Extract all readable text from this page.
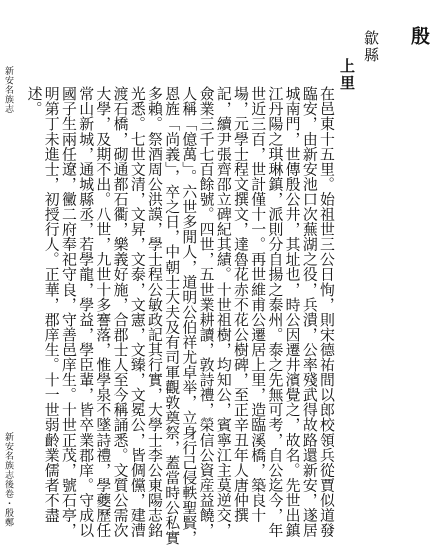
殷
歙縣
上里
在邑東十五里。始祖世三公日恂，則宋德祐間以郎校領兵從賈似道發臨安，由新安池口次蕪湖之役，兵潰，公率殘武得故路還新安，遂居城南門，世傳殷公井，其址也，時公因遷井濱覺之，故名。先世出鎮江丹陽之琪琳鎮，派則分自揚之泰州。泰之先無可考，自公迄今，年世近三百，世計僅十一。再世維甫公遷居上里，造臨溪橋，築良十場，元學士程文撰文，達魯花赤不花公樹碑，至正辛丑年人唐仲撰記，續尹張齊邵立碑紀其績。十世祖樹，均知公，賓寧江主莫逆交，僉業三千七百餘號。四世，五世業耕讀，敦詩禮，榮信公資産益饒，人稱「億萬」。六世多閒人，道明公伯祥尤卓举，立身行己侵軼聖賢，恩旌「尚義」，卒之日，中朝士大夫及有司軍觀敦奠祭，蓋當時公私實多賴。祭酒周公洪謨，學士程公敏政記其行實，大學士李公東陽志銘光悉。七世文清，文昇，文泰，文憲，文臻，文冕公，皆倜儻，建漕渡石橋，砌通都石衢，樂義好施，合郡士人至今稱誦悉。文質公需次大學，及期不出。八世，九世十多謇落，惟學泉不墜詩禮，學夔歷任常山新城，通城縣丞，若學龍，學益，學臣輩，皆卒業郡庠。守成以國子生兩任遼，黴二府奉祀守良，守善邑庠生。十世正茂，號石亭，明第丁未進士，初授行人。正華，郡庠生。十一世弱齡業儒者不盡述。
新安名族志
新安名族志後卷・殷鄭
